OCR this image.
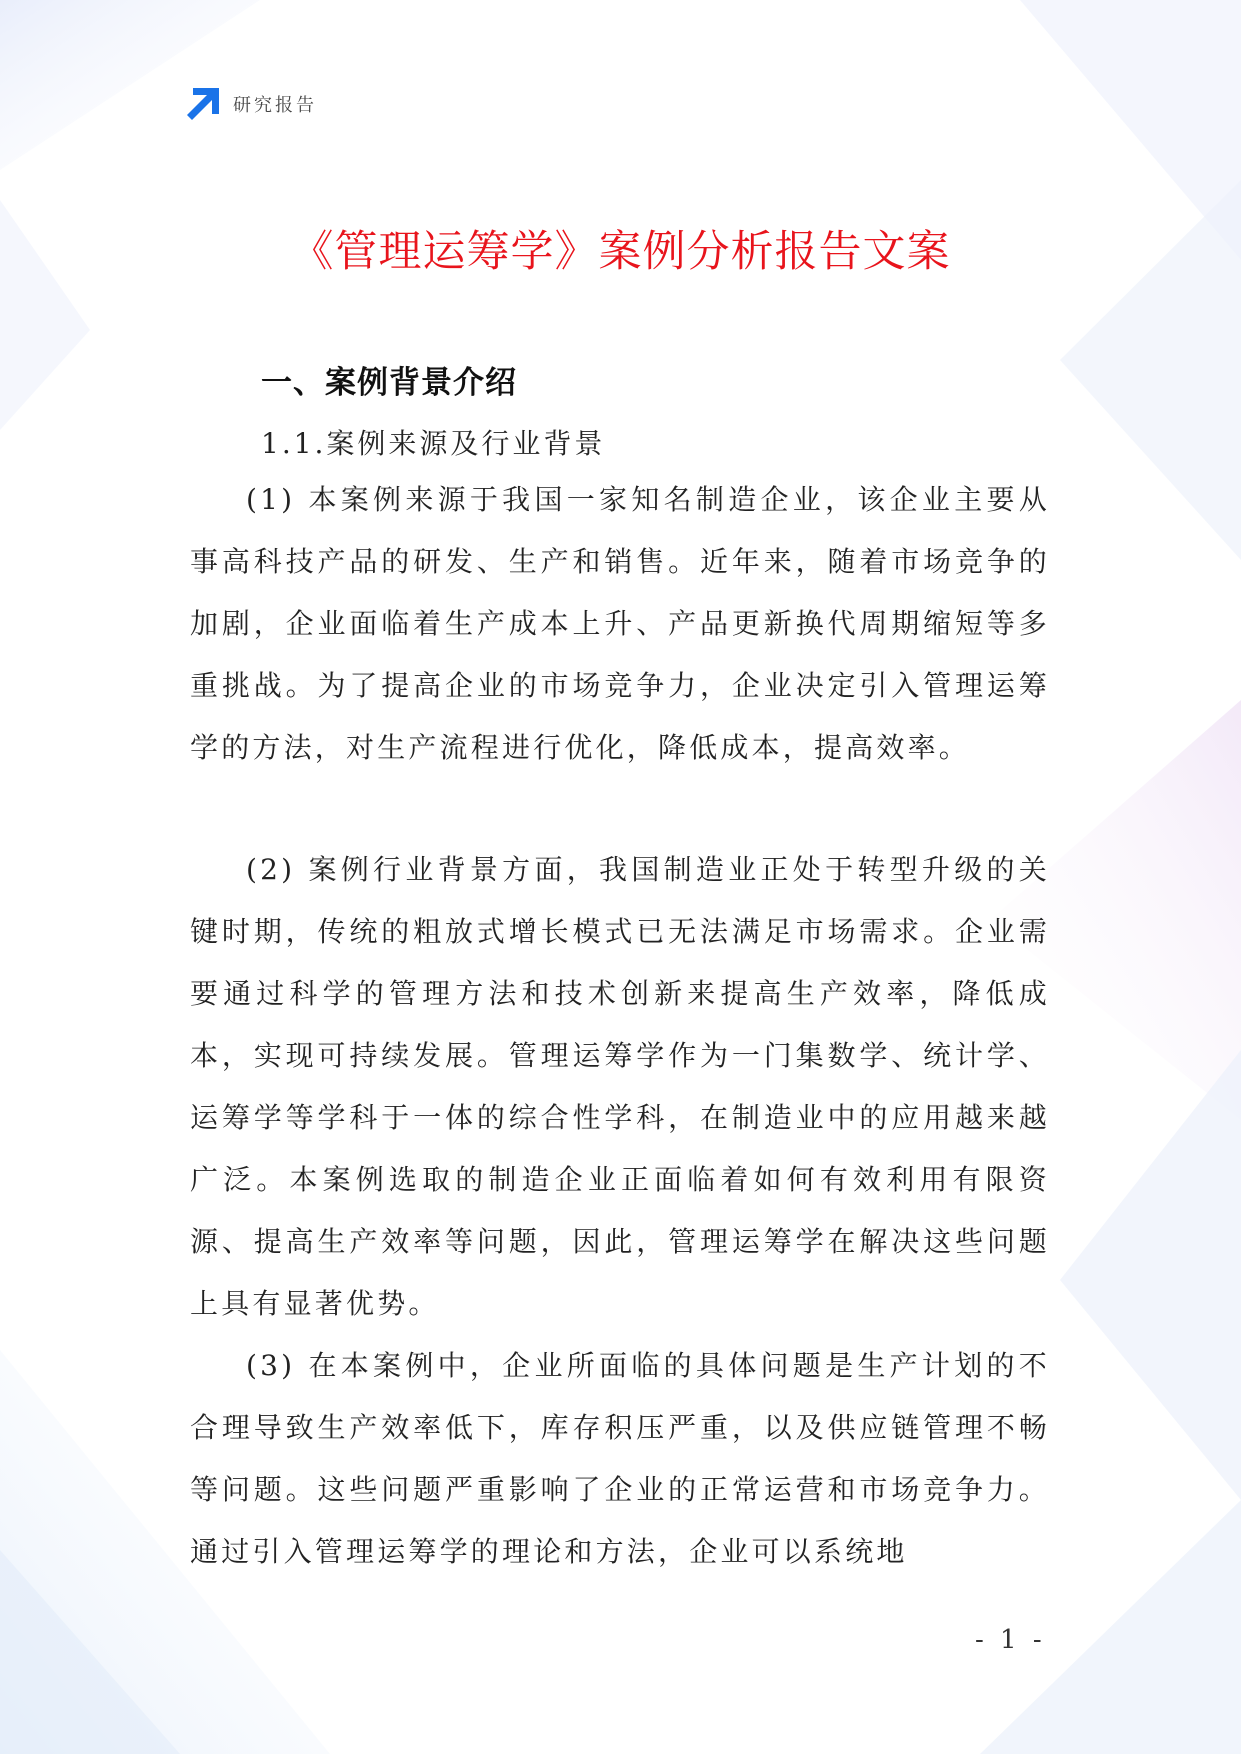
研究报告
《管理运筹学》案例分析报告文案
一、案例背景介绍
1.1.案例来源及行业背景

(1) 本案例来源于我国一家知名制造企业，该企业主要从事高科技产品的研发、生产和销售。近年来，随着市场竞争的加剧，企业面临着生产成本上升、产品更新换代周期缩短等多重挑战。为了提高企业的市场竞争力，企业决定引入管理运筹学的方法，对生产流程进行优化，降低成本，提高效率。

(2) 案例行业背景方面，我国制造业正处于转型升级的关键时期，传统的粗放式增长模式已无法满足市场需求。企业需要通过科学的管理方法和技术创新来提高生产效率，降低成本，实现可持续发展。管理运筹学作为一门集数学、统计学、运筹学等学科于一体的综合性学科，在制造业中的应用越来越广泛。本案例选取的制造企业正面临着如何有效利用有限资源、提高生产效率等问题，因此，管理运筹学在解决这些问题上具有显著优势。

(3) 在本案例中，企业所面临的具体问题是生产计划的不合理导致生产效率低下，库存积压严重，以及供应链管理不畅等问题。这些问题严重影响了企业的正常运营和市场竞争力。通过引入管理运筹学的理论和方法，企业可以系统地

- 1 -
